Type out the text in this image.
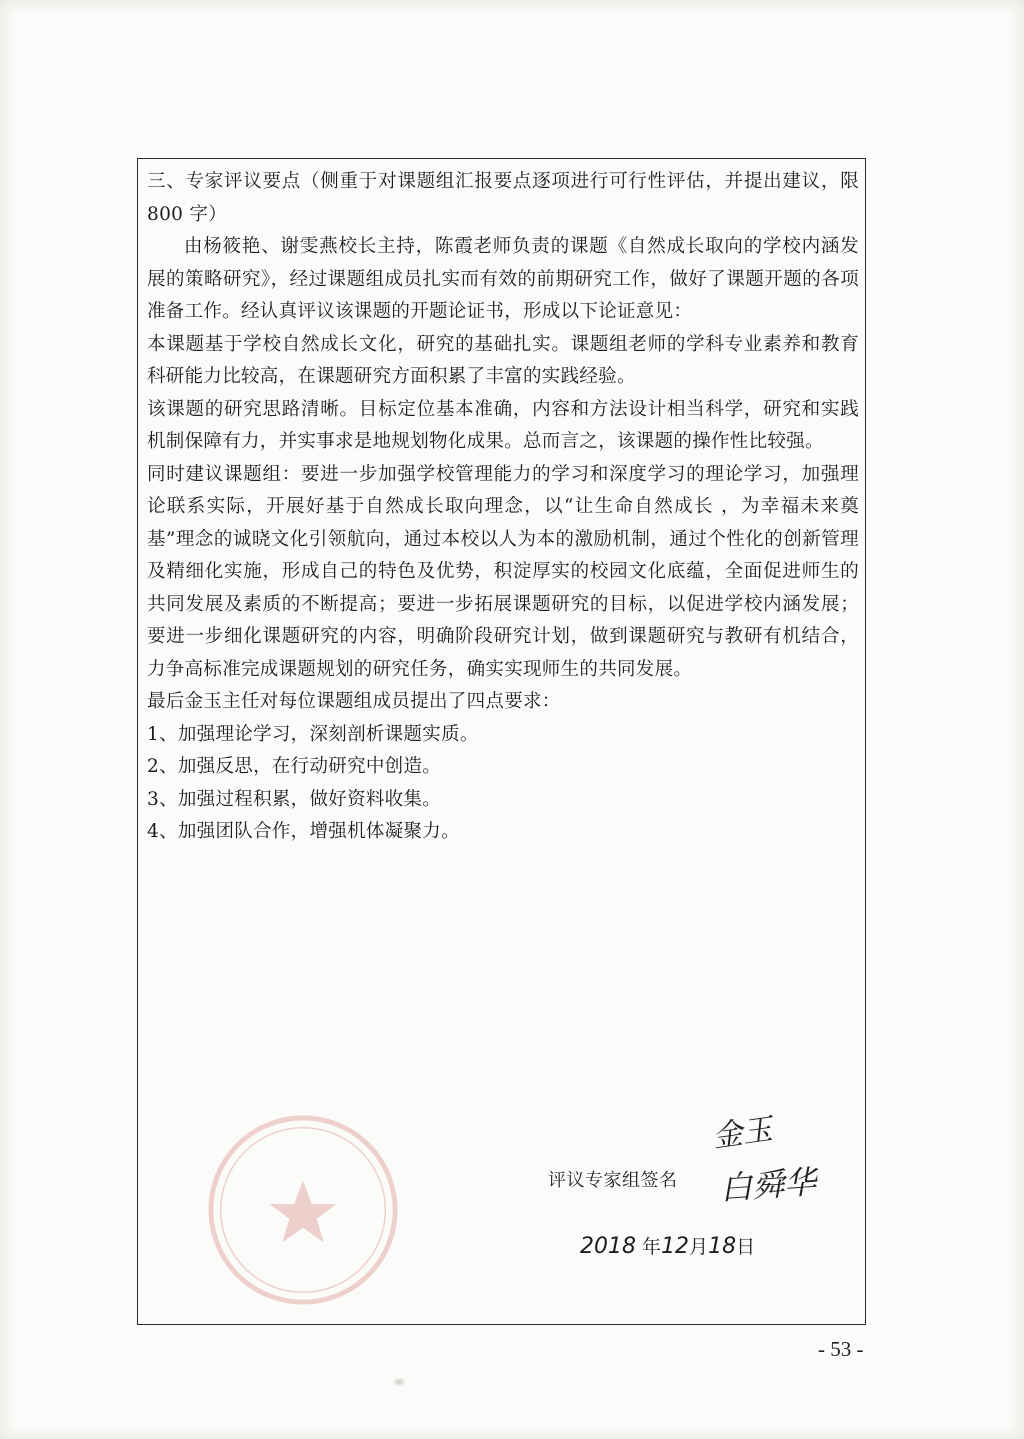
三、专家评议要点（侧重于对课题组汇报要点逐项进行可行性评估，并提出建议，限 800 字）

由杨筱艳、谢雯燕校长主持，陈霞老师负责的课题《自然成长取向的学校内涵发展的策略研究》，经过课题组成员扎实而有效的前期研究工作，做好了课题开题的各项准备工作。经认真评议该课题的开题论证书，形成以下论证意见：

本课题基于学校自然成长文化，研究的基础扎实。课题组老师的学科专业素养和教育科研能力比较高，在课题研究方面积累了丰富的实践经验。

该课题的研究思路清晰。目标定位基本准确，内容和方法设计相当科学，研究和实践机制保障有力，并实事求是地规划物化成果。总而言之，该课题的操作性比较强。

同时建议课题组：要进一步加强学校管理能力的学习和深度学习的理论学习，加强理论联系实际，开展好基于自然成长取向理念，以“让生命自然成长 ，为幸福未来奠基”理念的诚晓文化引领航向，通过本校以人为本的激励机制，通过个性化的创新管理及精细化实施，形成自己的特色及优势，积淀厚实的校园文化底蕴，全面促进师生的共同发展及素质的不断提高；要进一步拓展课题研究的目标，以促进学校内涵发展；要进一步细化课题研究的内容，明确阶段研究计划，做到课题研究与教研有机结合，力争高标准完成课题规划的研究任务，确实实现师生的共同发展。

最后金玉主任对每位课题组成员提出了四点要求：

1、加强理论学习，深刻剖析课题实质。

2、加强反思，在行动研究中创造。

3、加强过程积累，做好资料收集。

4、加强团队合作，增强机体凝聚力。

评议专家组签名
金玉
白舜华
2018 年12月18日
- 53 -
